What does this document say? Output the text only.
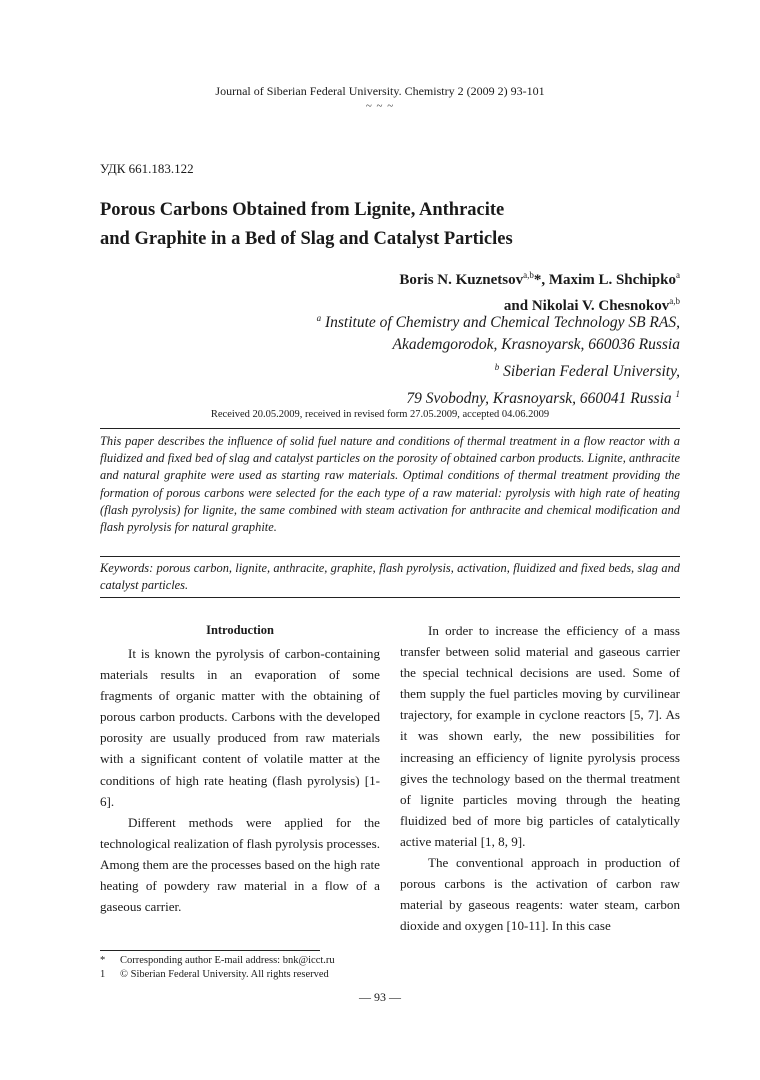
Journal of Siberian Federal University. Chemistry 2 (2009 2) 93-101
~ ~ ~
УДК 661.183.122
Porous Carbons Obtained from Lignite, Anthracite
and Graphite in a Bed of Slag and Catalyst Particles
Boris N. Kuznetsov$^{a,b}$*, Maxim L. Shchipko$^a$
and Nikolai V. Chesnokov$^{a,b}$
$^a$ Institute of Chemistry and Chemical Technology SB RAS,
Akademgorodok, Krasnoyarsk, 660036 Russia
$^b$ Siberian Federal University,
79 Svobodny, Krasnoyarsk, 660041 Russia $^1$
Received 20.05.2009, received in revised form 27.05.2009, accepted 04.06.2009
This paper describes the influence of solid fuel nature and conditions of thermal treatment in a flow reactor with a fluidized and fixed bed of slag and catalyst particles on the porosity of obtained carbon products. Lignite, anthracite and natural graphite were used as starting raw materials. Optimal conditions of thermal treatment providing the formation of porous carbons were selected for the each type of a raw material: pyrolysis with high rate of heating (flash pyrolysis) for lignite, the same combined with steam activation for anthracite and chemical modification and flash pyrolysis for natural graphite.
Keywords: porous carbon, lignite, anthracite, graphite, flash pyrolysis, activation, fluidized and fixed beds, slag and catalyst particles.

Introduction

It is known the pyrolysis of carbon-containing materials results in an evaporation of some fragments of organic matter with the obtaining of porous carbon products. Carbons with the developed porosity are usually produced from raw materials with a significant content of volatile matter at the conditions of high rate heating (flash pyrolysis) [1-6].

Different methods were applied for the technological realization of flash pyrolysis processes. Among them are the processes based on the high rate heating of powdery raw material in a flow of a gaseous carrier.

In order to increase the efficiency of a mass transfer between solid material and gaseous carrier the special technical decisions are used. Some of them supply the fuel particles moving by curvilinear trajectory, for example in cyclone reactors [5, 7]. As it was shown early, the new possibilities for increasing an efficiency of lignite pyrolysis process gives the technology based on the thermal treatment of lignite particles moving through the heating fluidized bed of more big particles of catalytically active material [1, 8, 9].

The conventional approach in production of porous carbons is the activation of carbon raw material by gaseous reagents: water steam, carbon dioxide and oxygen [10-11]. In this case

* Corresponding author E-mail address: bnk@icct.ru
1 © Siberian Federal University. All rights reserved
— 93 —
